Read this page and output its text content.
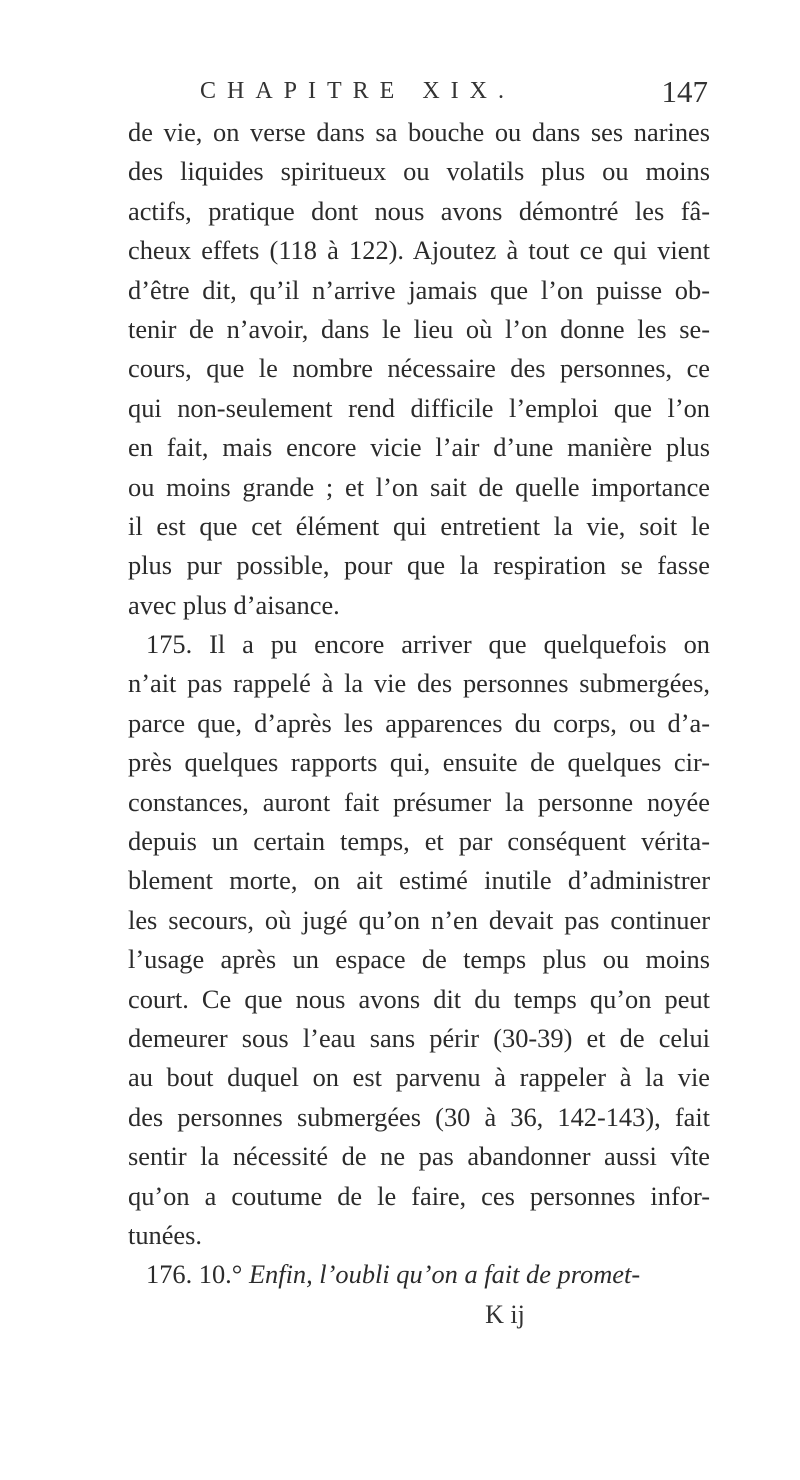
CHAPITRE XIX.	147
de vie, on verse dans sa bouche ou dans ses narines
des liquides spiritueux ou volatils plus ou moins
actifs, pratique dont nous avons démontré les fâ-
cheux effets (118 à 122). Ajoutez à tout ce qui vient
d’être dit, qu’il n’arrive jamais que l’on puisse ob-
tenir de n’avoir, dans le lieu où l’on donne les se-
cours, que le nombre nécessaire des personnes, ce
qui non-seulement rend difficile l’emploi que l’on
en fait, mais encore vicie l’air d’une manière plus
ou moins grande ; et l’on sait de quelle importance
il est que cet élément qui entretient la vie, soit le
plus pur possible, pour que la respiration se fasse
avec plus d’aisance.
175. Il a pu encore arriver que quelquefois on
n’ait pas rappelé à la vie des personnes submergées,
parce que, d’après les apparences du corps, ou d’a-
près quelques rapports qui, ensuite de quelques cir-
constances, auront fait présumer la personne noyée
depuis un certain temps, et par conséquent vérita-
blement morte, on ait estimé inutile d’administrer
les secours, où jugé qu’on n’en devait pas continuer
l’usage après un espace de temps plus ou moins
court. Ce que nous avons dit du temps qu’on peut
demeurer sous l’eau sans périr (30-39) et de celui
au bout duquel on est parvenu à rappeler à la vie
des personnes submergées (30 à 36, 142-143), fait
sentir la nécessité de ne pas abandonner aussi vîte
qu’on a coutume de le faire, ces personnes infor-
tunées.
176. 10.° Enfin, l’oubli qu’on a fait de promet-
K ij
